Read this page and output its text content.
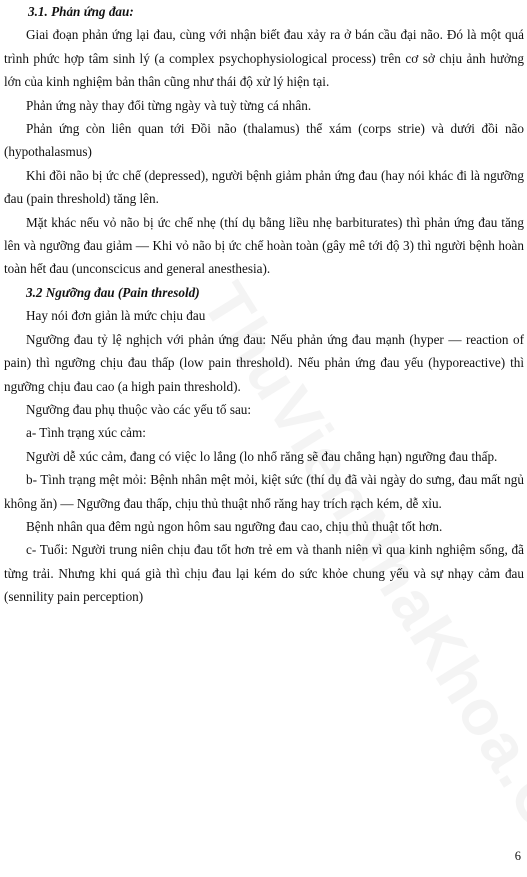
3.1. Phản ứng đau:

Giai đoạn phản ứng lại đau, cùng với nhận biết đau xảy ra ở bán cầu đại não. Đó là một quá trình phức hợp tâm sinh lý (a complex psychophysiological process) trên cơ sở chịu ảnh hưởng lớn của kinh nghiệm bản thân cũng như thái độ xử lý hiện tại.

Phản ứng này thay đổi từng ngày và tuỳ từng cá nhân.

Phản ứng còn liên quan tới Đồi não (thalamus) thể xám (corps strie) và dưới đồi não (hypothalasmus)

Khi đồi não bị ức chế (depressed), người bệnh giảm phản ứng đau (hay nói khác đi là ngưỡng đau (pain threshold) tăng lên.

Mặt khác nếu vỏ não bị ức chế nhẹ (thí dụ bằng liều nhẹ barbiturates) thì phản ứng đau tăng lên và ngưỡng đau giảm — Khi vỏ não bị ức chế hoàn toàn (gây mê tới độ 3) thì người bệnh hoàn toàn hết đau (unconscicus and general anesthesia).

3.2 Ngưỡng đau (Pain thresold)

Hay nói đơn giản là mức chịu đau

Ngưỡng đau tỷ lệ nghịch với phản ứng đau: Nếu phản ứng đau mạnh (hyper — reaction of pain) thì ngưỡng chịu đau thấp (low pain threshold). Nếu phản ứng đau yếu (hyporeactive) thì ngưỡng chịu đau cao (a high pain threshold).

Ngưỡng đau phụ thuộc vào các yếu tố sau:

a- Tình trạng xúc cảm:

Người dễ xúc cảm, đang có việc lo lắng (lo nhổ răng sẽ đau chẳng hạn) ngưỡng đau thấp.

b- Tình trạng mệt mỏi: Bệnh nhân mệt mỏi, kiệt sức (thí dụ đã vài ngày do sưng, đau mất ngủ không ăn) — Ngưỡng đau thấp, chịu thủ thuật nhổ răng hay trích rạch kém, dễ xỉu.

Bệnh nhân qua đêm ngủ ngon hôm sau ngưỡng đau cao, chịu thủ thuật tốt hơn.

c- Tuổi: Người trung niên chịu đau tốt hơn trẻ em và thanh niên vì qua kinh nghiệm sống, đã từng trải. Nhưng khi quá già thì chịu đau lại kém do sức khỏe chung yếu và sự nhạy cảm đau (sennility pain perception)

6
